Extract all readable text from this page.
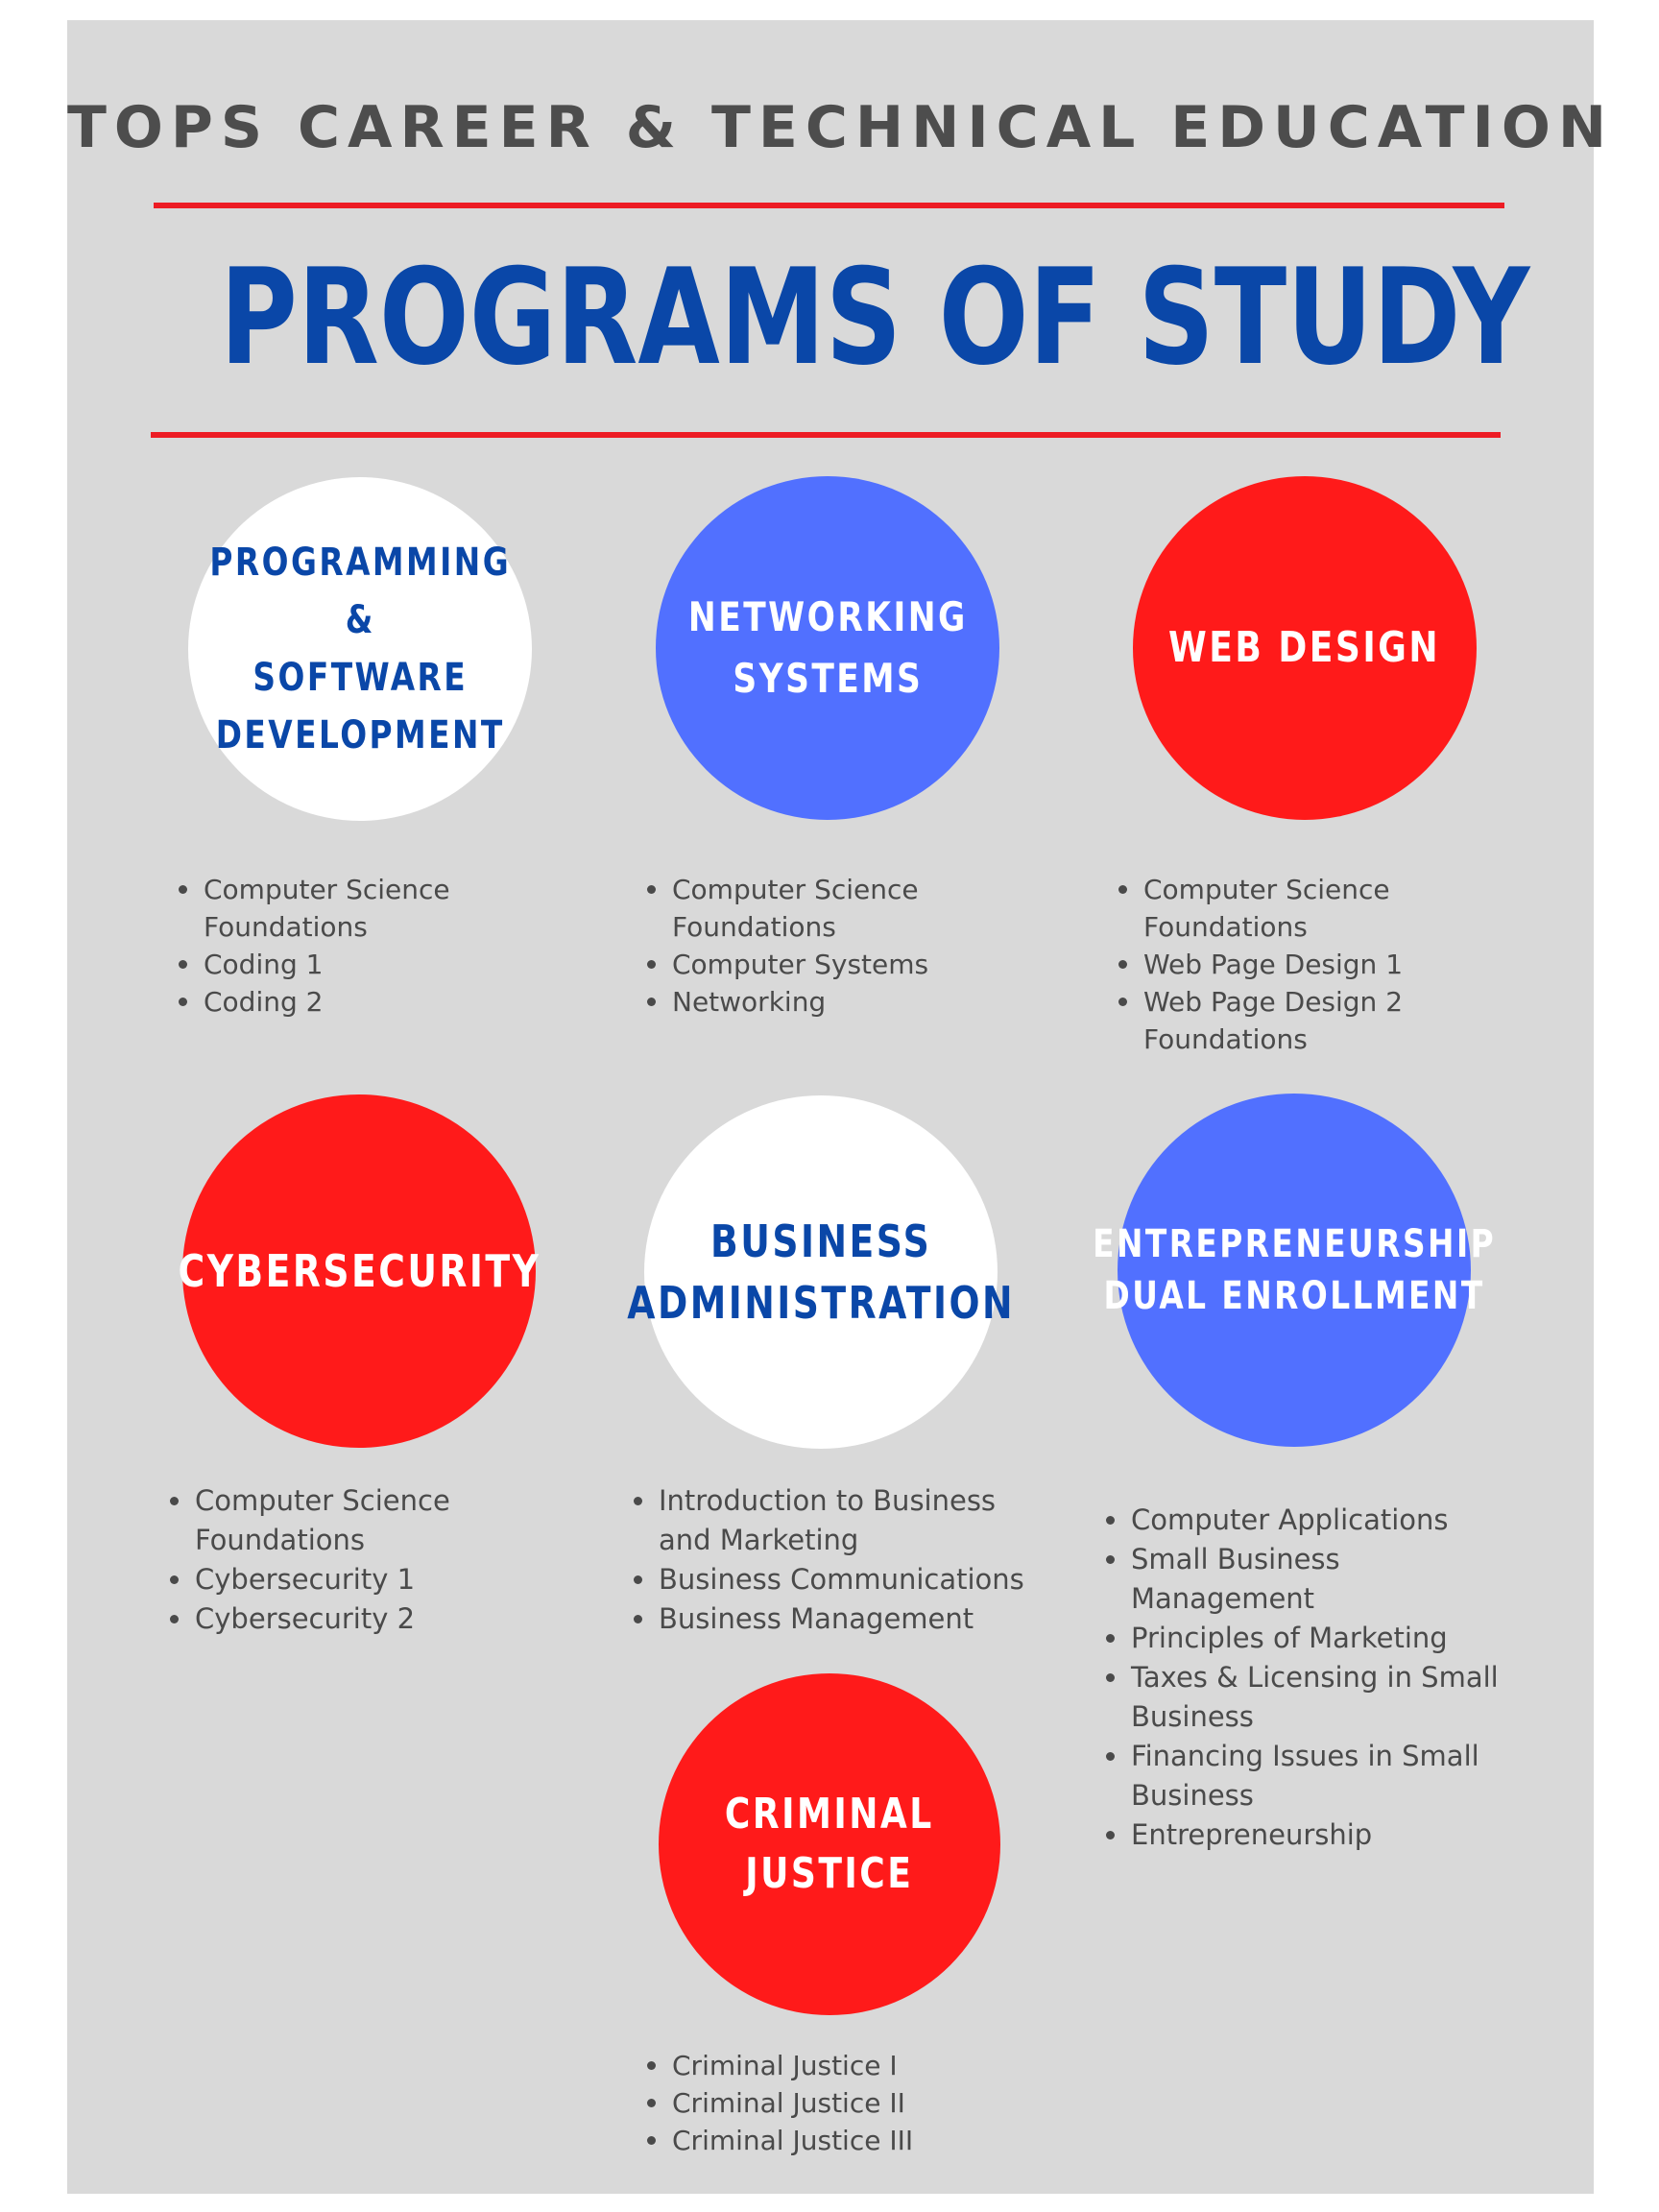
TOPS CAREER & TECHNICAL EDUCATION
PROGRAMS OF STUDY
PROGRAMMING &
SOFTWARE
DEVELOPMENT
Computer Science Foundations
Coding 1
Coding 2
NETWORKING
SYSTEMS
Computer Science Foundations
Computer Systems
Networking
WEB DESIGN
Computer Science Foundations
Web Page Design 1
Web Page Design 2 Foundations
CYBERSECURITY
Computer Science Foundations
Cybersecurity 1
Cybersecurity 2
BUSINESS
ADMINISTRATION
Introduction to Business and Marketing
Business Communications
Business Management
ENTREPRENEURSHIP
DUAL ENROLLMENT
Computer Applications
Small Business Management
Principles of Marketing
Taxes & Licensing in Small Business
Financing Issues in Small Business
Entrepreneurship
CRIMINAL
JUSTICE
Criminal Justice I
Criminal Justice II
Criminal Justice III
